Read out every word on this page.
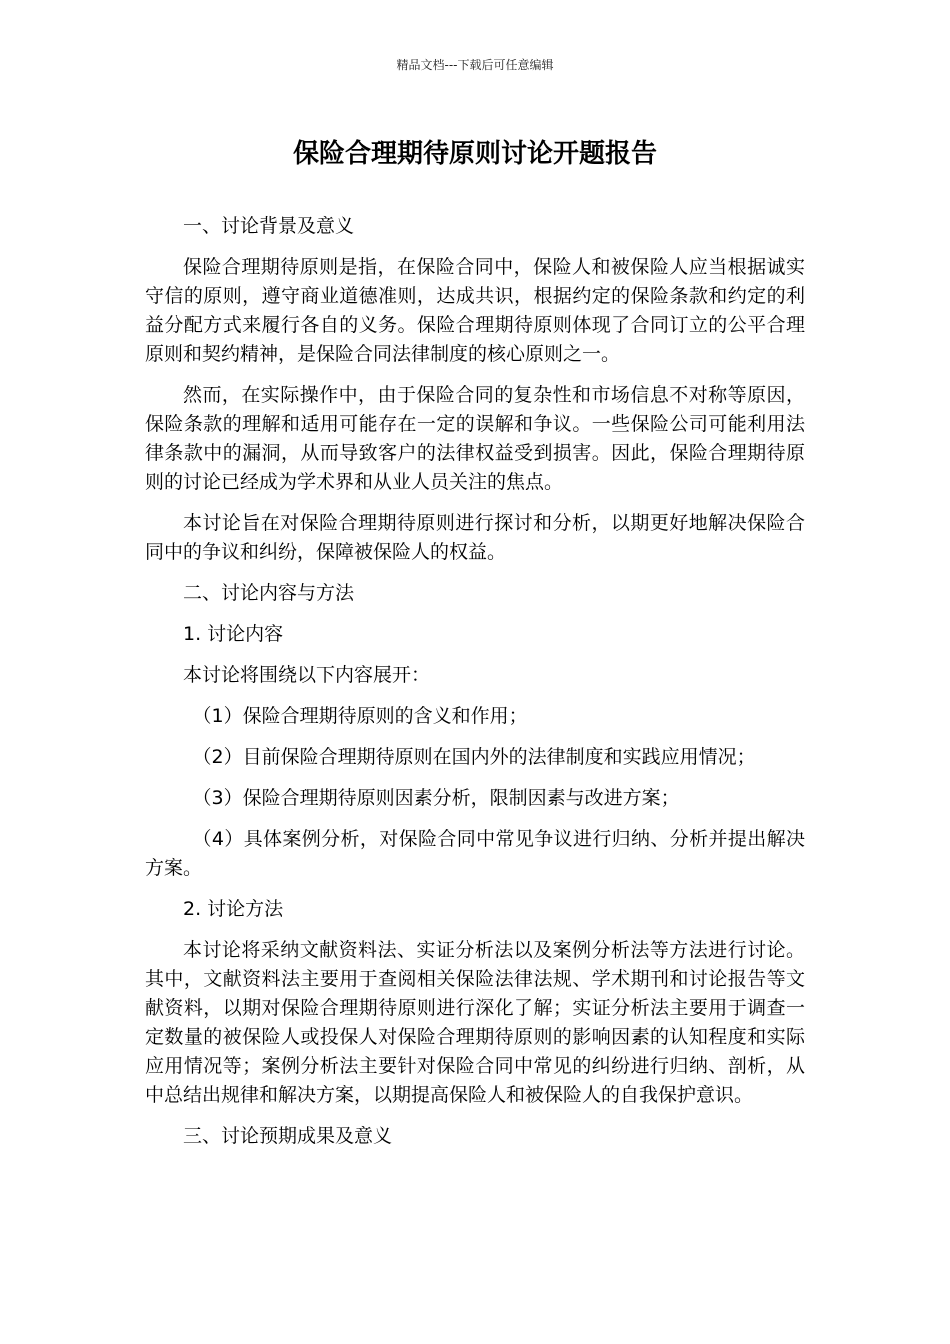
精品文档---下载后可任意编辑
保险合理期待原则讨论开题报告

一、讨论背景及意义

保险合理期待原则是指，在保险合同中，保险人和被保险人应当根据诚实守信的原则，遵守商业道德准则，达成共识，根据约定的保险条款和约定的利益分配方式来履行各自的义务。保险合理期待原则体现了合同订立的公平合理原则和契约精神，是保险合同法律制度的核心原则之一。

然而，在实际操作中，由于保险合同的复杂性和市场信息不对称等原因，保险条款的理解和适用可能存在一定的误解和争议。一些保险公司可能利用法律条款中的漏洞，从而导致客户的法律权益受到损害。因此，保险合理期待原则的讨论已经成为学术界和从业人员关注的焦点。

本讨论旨在对保险合理期待原则进行探讨和分析，以期更好地解决保险合同中的争议和纠纷，保障被保险人的权益。

二、讨论内容与方法

1. 讨论内容

本讨论将围绕以下内容展开：

（1）保险合理期待原则的含义和作用；

（2）目前保险合理期待原则在国内外的法律制度和实践应用情况；

（3）保险合理期待原则因素分析，限制因素与改进方案；

（4）具体案例分析，对保险合同中常见争议进行归纳、分析并提出解决方案。

2. 讨论方法

本讨论将采纳文献资料法、实证分析法以及案例分析法等方法进行讨论。其中，文献资料法主要用于查阅相关保险法律法规、学术期刊和讨论报告等文献资料，以期对保险合理期待原则进行深化了解；实证分析法主要用于调查一定数量的被保险人或投保人对保险合理期待原则的影响因素的认知程度和实际应用情况等；案例分析法主要针对保险合同中常见的纠纷进行归纳、剖析，从中总结出规律和解决方案，以期提高保险人和被保险人的自我保护意识。

三、讨论预期成果及意义
